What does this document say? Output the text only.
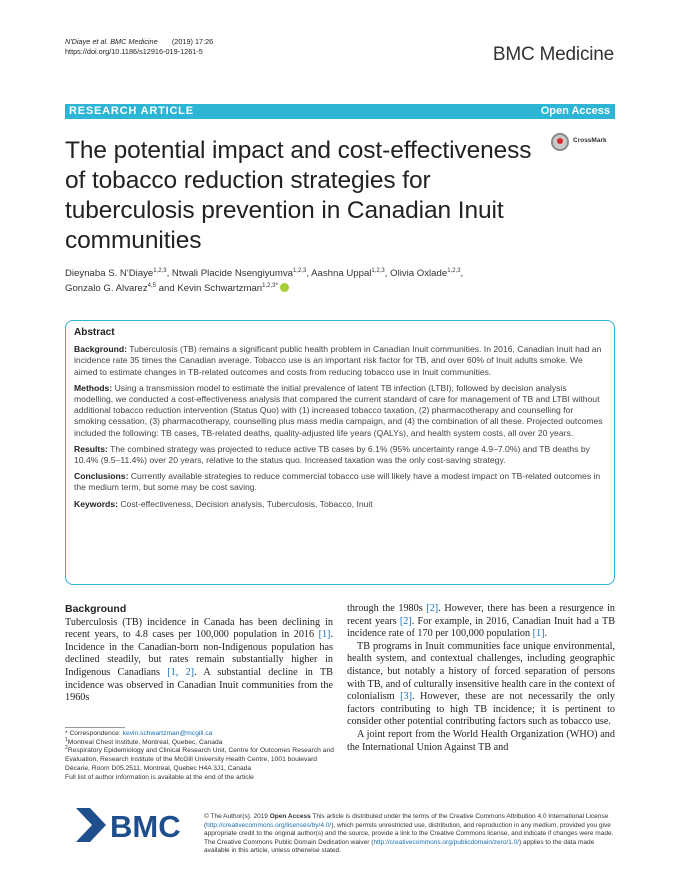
N'Diaye et al. BMC Medicine (2019) 17:26
https://doi.org/10.1186/s12916-019-1261-5	BMC Medicine
RESEARCH ARTICLE	Open Access
The potential impact and cost-effectiveness of tobacco reduction strategies for tuberculosis prevention in Canadian Inuit communities
CrossMark
Dieynaba S. N'Diaye$^{1,2,3}$, Ntwali Placide Nsengiyumva$^{1,2,3}$, Aashna Uppal$^{1,2,3}$, Olivia Oxlade$^{1,2,3}$,
Gonzalo G. Alvarez$^{4,5}$ and Kevin Schwartzman$^{1,2,3*}$
Abstract

Background: Tuberculosis (TB) remains a significant public health problem in Canadian Inuit communities. In 2016, Canadian Inuit had an incidence rate 35 times the Canadian average. Tobacco use is an important risk factor for TB, and over 60% of Inuit adults smoke. We aimed to estimate changes in TB-related outcomes and costs from reducing tobacco use in Inuit communities.

Methods: Using a transmission model to estimate the initial prevalence of latent TB infection (LTBI), followed by decision analysis modelling, we conducted a cost-effectiveness analysis that compared the current standard of care for management of TB and LTBI without additional tobacco reduction intervention (Status Quo) with (1) increased tobacco taxation, (2) pharmacotherapy and counselling for smoking cessation, (3) pharmacotherapy, counselling plus mass media campaign, and (4) the combination of all these. Projected outcomes included the following: TB cases, TB-related deaths, quality-adjusted life years (QALYs), and health system costs, all over 20 years.

Results: The combined strategy was projected to reduce active TB cases by 6.1% (95% uncertainty range 4.9–7.0%) and TB deaths by 10.4% (9.5–11.4%) over 20 years, relative to the status quo. Increased taxation was the only cost-saving strategy.

Conclusions: Currently available strategies to reduce commercial tobacco use will likely have a modest impact on TB-related outcomes in the medium term, but some may be cost saving.

Keywords: Cost-effectiveness, Decision analysis, Tuberculosis, Tobacco, Inuit

Background

Tuberculosis (TB) incidence in Canada has been declining in recent years, to 4.8 cases per 100,000 population in 2016 [1]. Incidence in the Canadian-born non-Indigenous population has declined steadily, but rates remain substantially higher in Indigenous Canadians [1, 2]. A substantial decline in TB incidence was observed in Canadian Inuit communities from the 1960s

through the 1980s [2]. However, there has been a resurgence in recent years [2]. For example, in 2016, Canadian Inuit had a TB incidence rate of 170 per 100,000 population [1].

TB programs in Inuit communities face unique environmental, health system, and contextual challenges, including geographic distance, but notably a history of forced separation of persons with TB, and of culturally insensitive health care in the context of colonialism [3]. However, these are not necessarily the only factors contributing to high TB incidence; it is pertinent to consider other potential contributing factors such as tobacco use.

A joint report from the World Health Organization (WHO) and the International Union Against TB and

* Correspondence: kevin.schwartzman@mcgill.ca
$^1$Montreal Chest Institute, Montreal, Quebec, Canada
$^2$Respiratory Epidemiology and Clinical Research Unit, Centre for Outcomes Research and Evaluation, Research Institute of the McGill University Health Centre, 1001 boulevard Décarie, Room D05.2511, Montreal, Quebec H4A 3J1, Canada
Full list of author information is available at the end of the article
BMC	© The Author(s). 2019 Open Access This article is distributed under the terms of the Creative Commons Attribution 4.0 International License (http://creativecommons.org/licenses/by/4.0/), which permits unrestricted use, distribution, and reproduction in any medium, provided you give appropriate credit to the original author(s) and the source, provide a link to the Creative Commons license, and indicate if changes were made. The Creative Commons Public Domain Dedication waiver (http://creativecommons.org/publicdomain/zero/1.0/) applies to the data made available in this article, unless otherwise stated.
